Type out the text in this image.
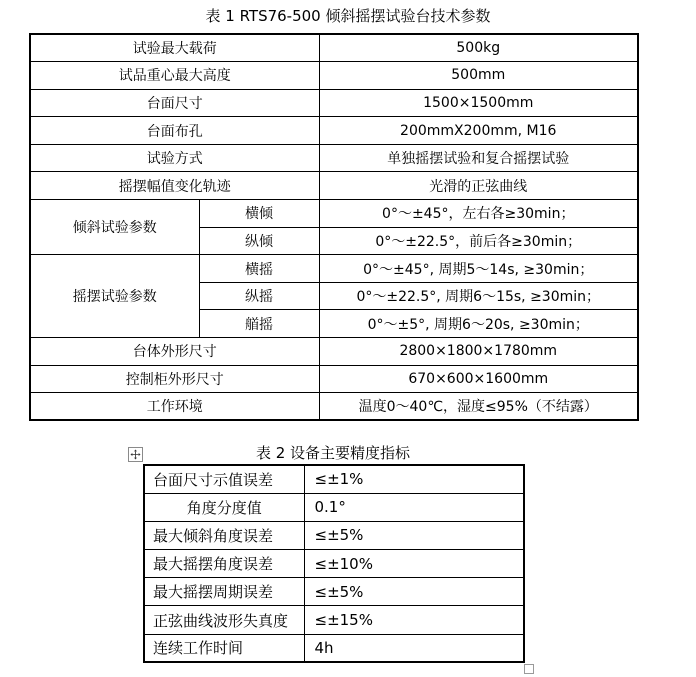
表 1 RTS76-500 倾斜摇摆试验台技术参数
试验最大载荷		500kg
试品重心最大高度		500mm
台面尺寸		1500×1500mm
台面布孔		200mmX200mm, M16
试验方式		单独摇摆试验和复合摇摆试验
摇摆幅值变化轨迹		光滑的正弦曲线
倾斜试验参数	横倾	0°～±45°，左右各≥30min；
	纵倾	0°～±22.5°，前后各≥30min；
摇摆试验参数	横摇	0°～±45°, 周期5～14s, ≥30min；
	纵摇	0°～±22.5°, 周期6～15s, ≥30min；
	艏摇	0°～±5°, 周期6～20s, ≥30min；
台体外形尺寸		2800×1800×1780mm
控制柜外形尺寸		670×600×1600mm
工作环境		温度0～40℃，湿度≤95%（不结露）
表 2 设备主要精度指标
台面尺寸示值误差	≤±1%
角度分度值	0.1°
最大倾斜角度误差	≤±5%
最大摇摆角度误差	≤±10%
最大摇摆周期误差	≤±5%
正弦曲线波形失真度	≤±15%
连续工作时间	4h
